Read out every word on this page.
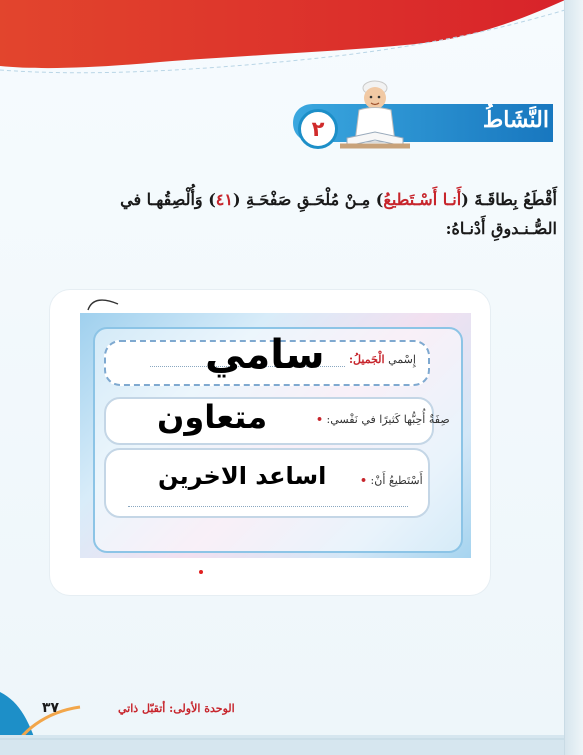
النَّشَاطُ
٢
أَقْطَعُ بِطاقَـةَ (أَنـا أَسْـتَطيعُ) مِـنْ مُلْحَـقِ صَفْحَـةِ (٤١) وَأُلْصِقُهـا في
الصُّـنـدوقِ أَدْنـاهُ:
إِسْمي الْجَميلُ:
سامي
صِفَةٌ أُحِبُّها كَثيرًا في نَفْسي: •
متعاون
أَسْتَطيعُ أَنْ: •
اساعد الاخرين
الوحدة الأولى: أتقبّل ذاتي
٣٧
